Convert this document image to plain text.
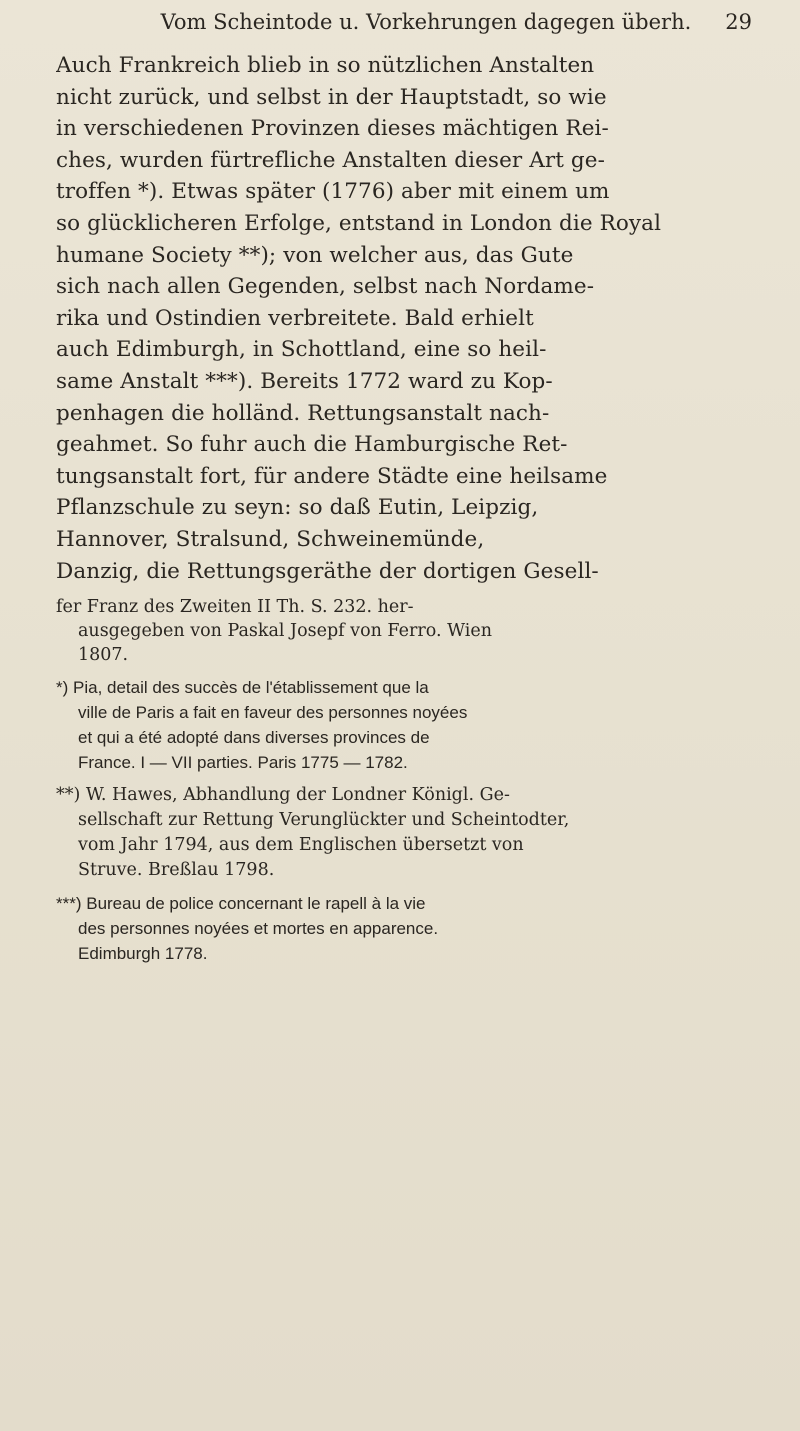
Vom Scheintode u. Vorkehrungen dagegen überh. 29
Auch Frankreich blieb in so nützlichen Anstalten
nicht zurück, und selbst in der Hauptstadt, so wie
in verschiedenen Provinzen dieses mächtigen Rei-
ches, wurden fürtrefliche Anstalten dieser Art ge-
troffen *). Etwas später (1776) aber mit einem um
so glücklicheren Erfolge, entstand in London die Royal
humane Society **); von welcher aus, das Gute
sich nach allen Gegenden, selbst nach Nordame-
rika und Ostindien verbreitete. Bald erhielt
auch Edimburgh, in Schottland, eine so heil-
same Anstalt ***). Bereits 1772 ward zu Kop-
penhagen die holländ. Rettungsanstalt nach-
geahmet. So fuhr auch die Hamburgische Ret-
tungsanstalt fort, für andere Städte eine heilsame
Pflanzschule zu seyn: so daß Eutin, Leipzig,
Hannover, Stralsund, Schweinemünde,
Danzig, die Rettungsgeräthe der dortigen Gesell-
fer Franz des Zweiten II Th. S. 232. her-
ausgegeben von Paskal Josepf von Ferro. Wien
1807.
*) Pia, detail des succès de l'établissement que la
ville de Paris a fait en faveur des personnes noyées
et qui a été adopté dans diverses provinces de
France. I — VII parties. Paris 1775 — 1782.
**) W. Hawes, Abhandlung der Londner Königl. Ge-
sellschaft zur Rettung Verunglückter und Scheintodter,
vom Jahr 1794, aus dem Englischen übersetzt von
Struve. Breßlau 1798.
***) Bureau de police concernant le rapell à la vie
des personnes noyées et mortes en apparence.
Edimburgh 1778.
